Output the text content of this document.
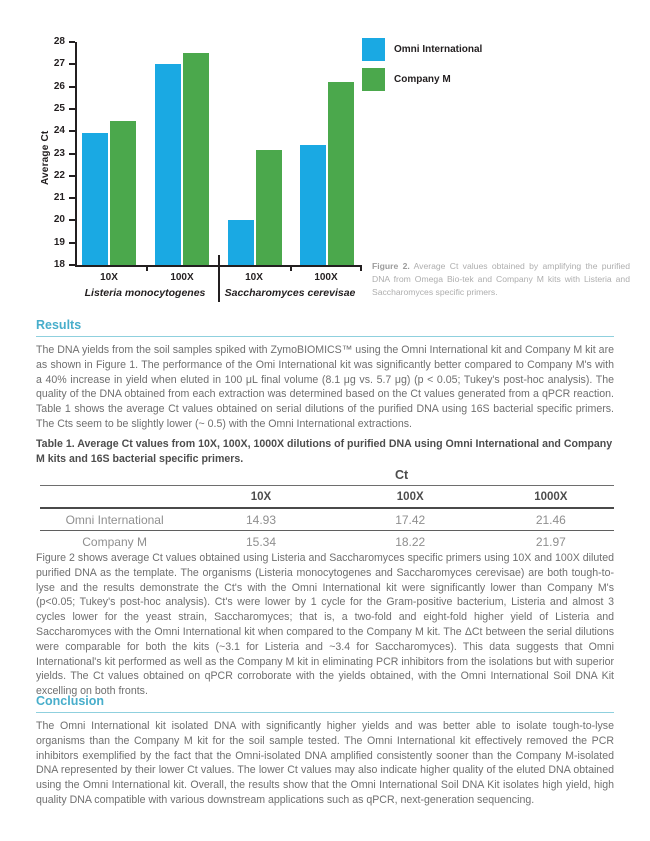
Average Ct
18
19
20
21
22
23
24
25
26
27
28
10X	100X	10X	100X
Listeria monocytogenes	Saccharomyces cerevisae
Omni International
Company M
Figure 2. Average Ct values obtained by amplifying the purified DNA from Omega Bio-tek and Company M kits with Listeria and Saccharomyces specific primers.
Results
The DNA yields from the soil samples spiked with ZymoBIOMICS™ using the Omni International kit and Company M kit are as shown in Figure 1. The performance of the Omi International kit was significantly better compared to Company M's with a 40% increase in yield when eluted in 100 μL final volume (8.1 μg vs. 5.7 μg) (p < 0.05; Tukey's post-hoc analysis). The quality of the DNA obtained from each extraction was determined based on the Ct values generated from a qPCR reaction. Table 1 shows the average Ct values obtained on serial dilutions of the purified DNA using 16S bacterial specific primers. The Cts seem to be slightly lower (~ 0.5) with the Omni International extractions.
Table 1. Average Ct values from 10X, 100X, 1000X dilutions of purified DNA using Omni International and Company M kits and 16S bacterial specific primers.
	Ct		
	10X	100X	1000X
Omni International	14.93	17.42	21.46
Company M	15.34	18.22	21.97
Figure 2 shows average Ct values obtained using Listeria and Saccharomyces specific primers using 10X and 100X diluted purified DNA as the template. The organisms (Listeria monocytogenes and Saccharomyces cerevisae) are both tough-to-lyse and the results demonstrate the Ct's with the Omni International kit were significantly lower than Company M's (p<0.05; Tukey's post-hoc analysis). Ct's were lower by 1 cycle for the Gram-positive bacterium, Listeria and almost 3 cycles lower for the yeast strain, Saccharomyces; that is, a two-fold and eight-fold higher yield of Listeria and Saccharomyces with the Omni International kit when compared to the Company M kit. The ΔCt between the serial dilutions were comparable for both the kits (~3.1 for Listeria and ~3.4 for Saccharomyces). This data suggests that Omni International's kit performed as well as the Company M kit in eliminating PCR inhibitors from the isolations but with superior yields. The Ct values obtained on qPCR corroborate with the yields obtained, with the Omni International Soil DNA Kit excelling on both fronts.
Conclusion
The Omni International kit isolated DNA with significantly higher yields and was better able to isolate tough-to-lyse organisms than the Company M kit for the soil sample tested. The Omni International kit effectively removed the PCR inhibitors exemplified by the fact that the Omni-isolated DNA amplified consistently sooner than the Company M-isolated DNA represented by their lower Ct values. The lower Ct values may also indicate higher quality of the eluted DNA obtained using the Omni International kit. Overall, the results show that the Omni International Soil DNA Kit isolates high yield, high quality DNA compatible with various downstream applications such as qPCR, next-generation sequencing.
